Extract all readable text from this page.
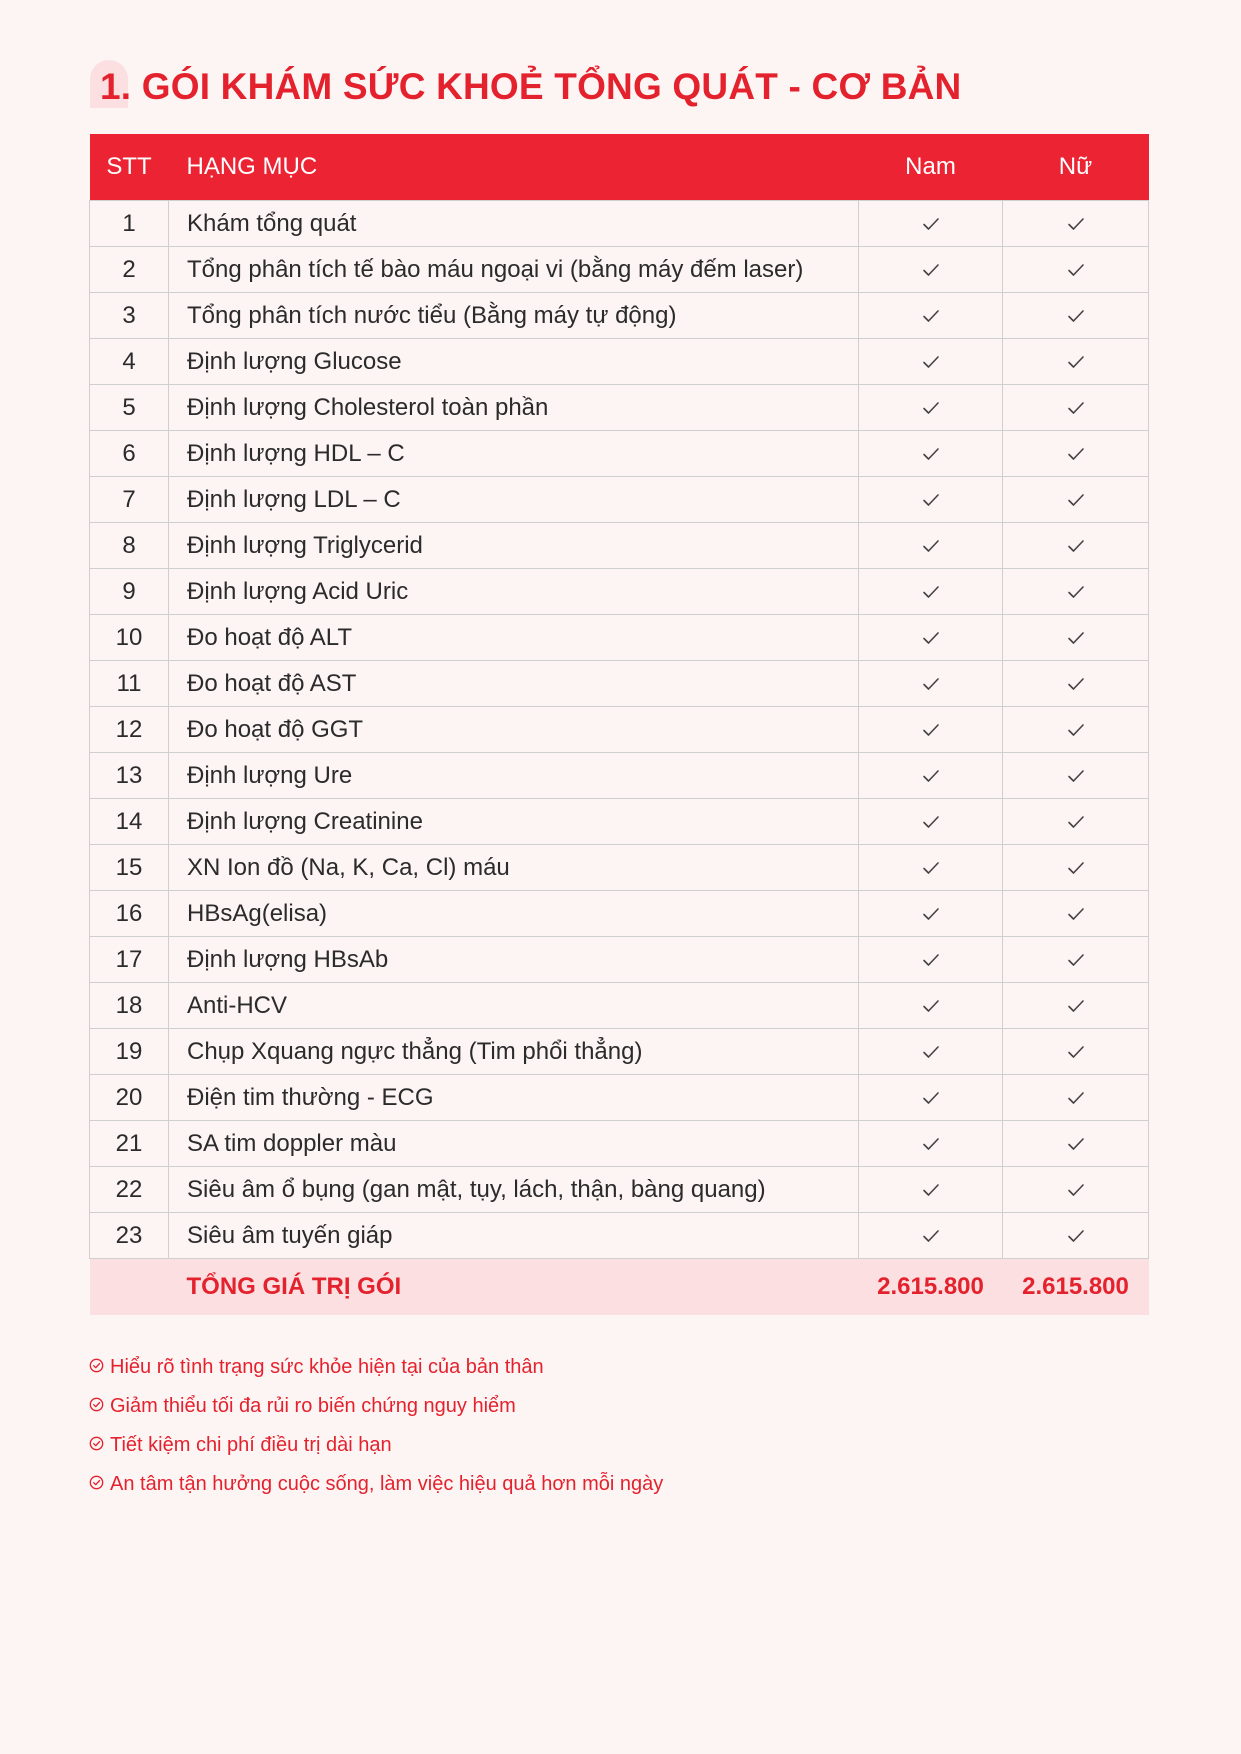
1. GÓI KHÁM SỨC KHOẺ TỔNG QUÁT - CƠ BẢN
STT	HẠNG MỤC	Nam	Nữ
1	Khám tổng quát		
2	Tổng phân tích tế bào máu ngoại vi (bằng máy đếm laser)		
3	Tổng phân tích nước tiểu (Bằng máy tự động)		
4	Định lượng Glucose		
5	Định lượng Cholesterol toàn phần		
6	Định lượng HDL – C		
7	Định lượng LDL – C		
8	Định lượng Triglycerid		
9	Định lượng Acid Uric		
10	Đo hoạt độ ALT		
11	Đo hoạt độ AST		
12	Đo hoạt độ GGT		
13	Định lượng Ure		
14	Định lượng Creatinine		
15	XN Ion đồ (Na, K, Ca, Cl) máu		
16	HBsAg(elisa)		
17	Định lượng HBsAb		
18	Anti-HCV		
19	Chụp Xquang ngực thẳng (Tim phổi thẳng)		
20	Điện tim thường - ECG		
21	SA tim doppler màu		
22	Siêu âm ổ bụng (gan mật, tụy, lách, thận, bàng quang)		
23	Siêu âm tuyến giáp		
	TỔNG GIÁ TRỊ GÓI	2.615.800	2.615.800
Hiểu rõ tình trạng sức khỏe hiện tại của bản thân
Giảm thiểu tối đa rủi ro biến chứng nguy hiểm
Tiết kiệm chi phí điều trị dài hạn
An tâm tận hưởng cuộc sống, làm việc hiệu quả hơn mỗi ngày
